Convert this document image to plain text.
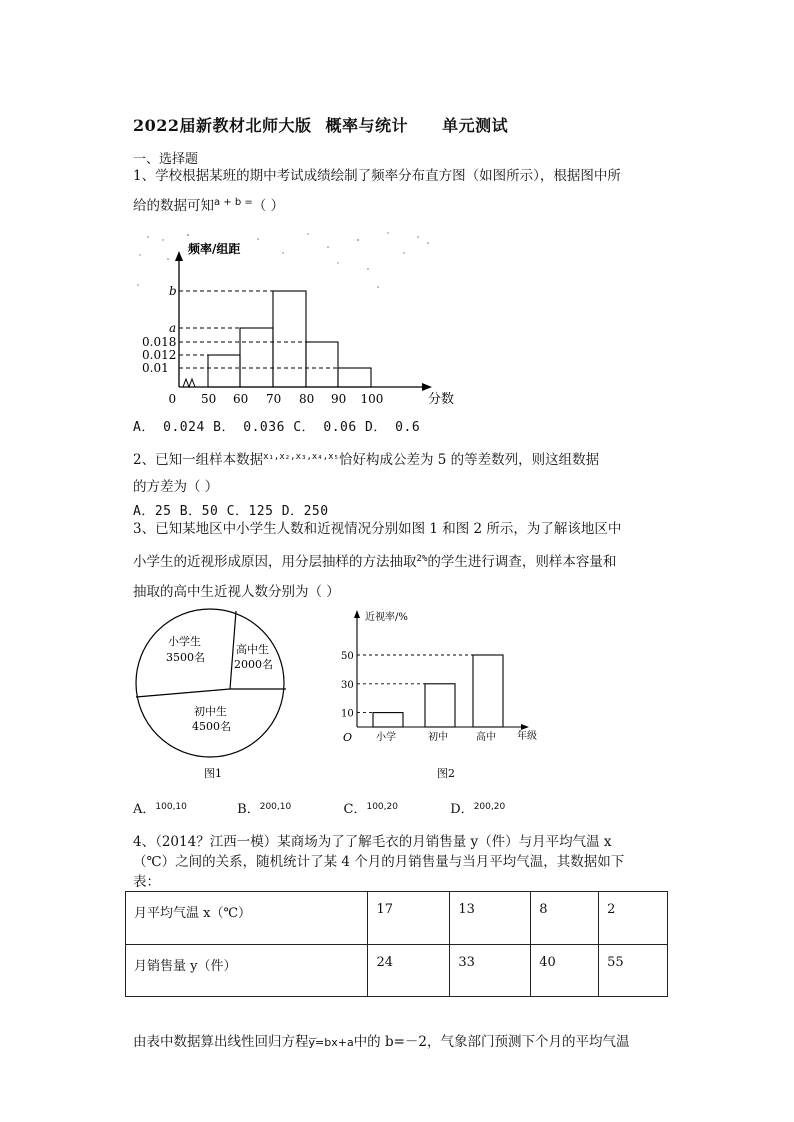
2022届新教材北师大版 概率与统计 单元测试
一、选择题
1、学校根据某班的期中考试成绩绘制了频率分布直方图（如图所示），根据图中所
给的数据可知$^{a + b =}$（ ）
频率/组距
分数
b
a
0.018
0.012
0.01
0 50 60 70 80 90 100
A． 0.024 B． 0.036 C． 0.06 D． 0.6
2、已知一组样本数据$^{x_1,x_2,x_3,x_4,x_5}$恰好构成公差为 5 的等差数列，则这组数据
的方差为（ ）
A．25 B．50 C．125 D．250
3、已知某地区中小学生人数和近视情况分别如图 1 和图 2 所示，为了解该地区中
小学生的近视形成原因，用分层抽样的方法抽取$^{2\%}$的学生进行调查，则样本容量和
抽取的高中生近视人数分别为（ ）
小学生
3500名
高中生
2000名
初中生
4500名
图1
近视率/%
年级
O
10
30
50
小学	初中	高中
图2
A．$^{100,10}$	B．$^{200,10}$	C．$^{100,20}$	D．$^{200,20}$
4、（2014？江西一模）某商场为了了解毛衣的月销售量 y（件）与月平均气温 x
（℃）之间的关系，随机统计了某 4 个月的月销售量与当月平均气温，其数据如下
表：
月平均气温 x（℃）	17	13	8	2
月销售量 y（件）	24	33	40	55
由表中数据算出线性回归方程⌒ y=bx+a中的 b=－2，气象部门预测下个月的平均气温
